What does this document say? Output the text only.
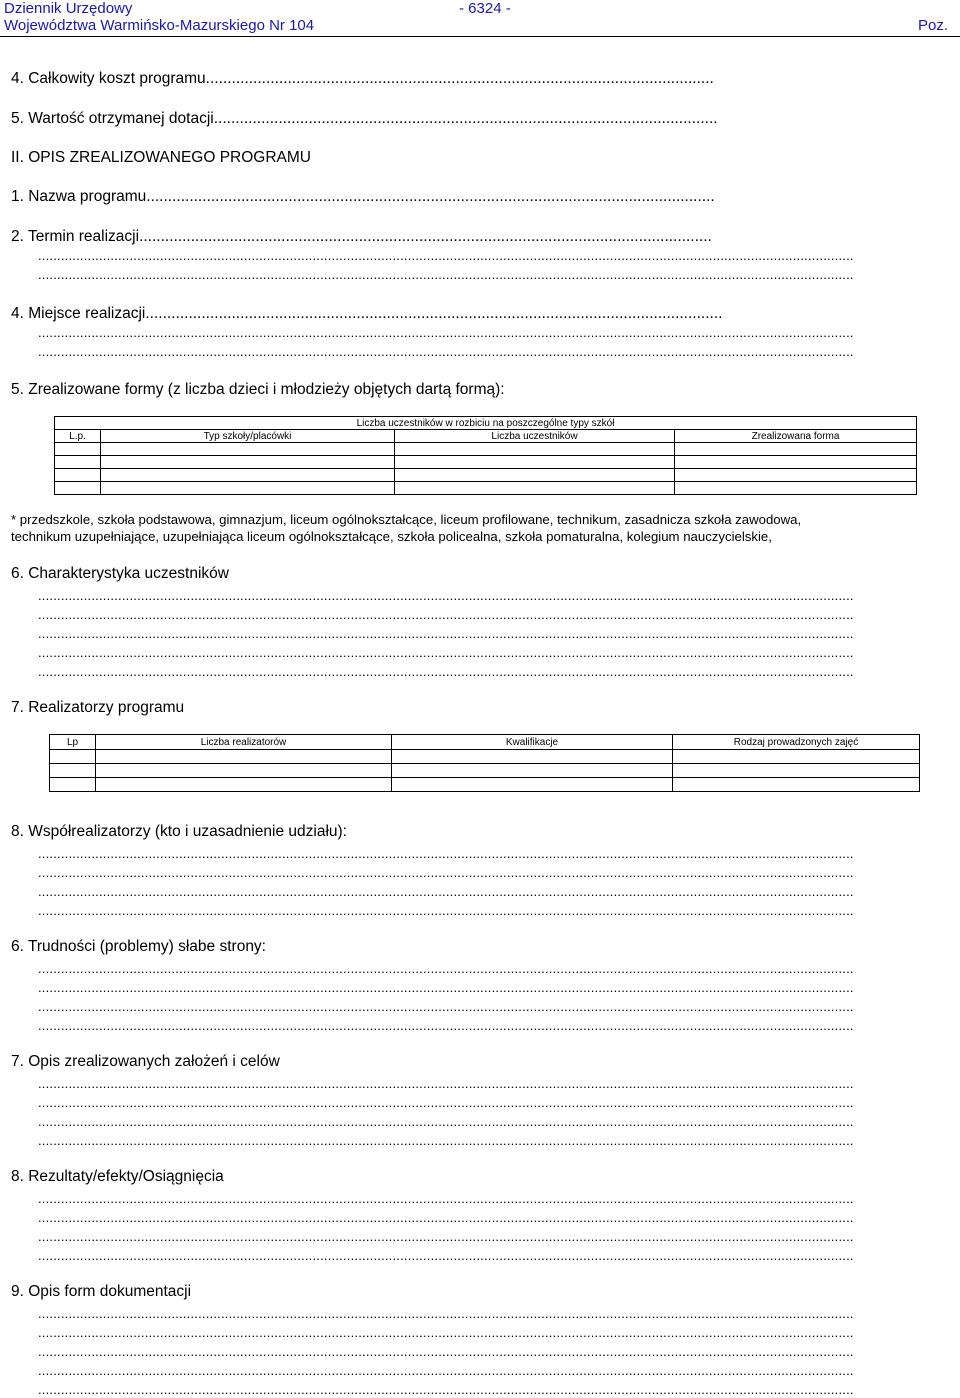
Dziennik Urzędowy
Województwa Warmińsko-Mazurskiego Nr 104
- 6324 -
Poz.
4. Całkowity koszt programu......................................................................................................................
5. Wartość otrzymanej dotacji.....................................................................................................................
II. OPIS ZREALIZOWANEGO PROGRAMU
1. Nazwa programu....................................................................................................................................
2. Termin realizacji.....................................................................................................................................
......................................................................................................................................................................................................................
......................................................................................................................................................................................................................
4. Miejsce realizacji......................................................................................................................................
......................................................................................................................................................................................................................
......................................................................................................................................................................................................................
5. Zrealizowane formy (z liczba dzieci i młodzieży objętych dartą formą):
Liczba uczestników w rozbiciu na poszczególne typy szkół			
L.p.	Typ szkoły/placówki	Liczba uczestników	Zrealizowana forma

* przedszkole, szkoła podstawowa, gimnazjum, liceum ogólnokształcące, liceum profilowane, technikum, zasadnicza szkoła zawodowa,
technikum uzupełniające, uzupełniająca liceum ogólnokształcące, szkoła policealna, szkoła pomaturalna, kolegium nauczycielskie,
6. Charakterystyka uczestników
......................................................................................................................................................................................................................
......................................................................................................................................................................................................................
......................................................................................................................................................................................................................
......................................................................................................................................................................................................................
......................................................................................................................................................................................................................
7. Realizatorzy programu
Lp	Liczba realizatorów	Kwalifikacje	Rodzaj prowadzonych zajęć

8. Współrealizatorzy (kto i uzasadnienie udziału):
......................................................................................................................................................................................................................
......................................................................................................................................................................................................................
......................................................................................................................................................................................................................
......................................................................................................................................................................................................................
6. Trudności (problemy) słabe strony:
......................................................................................................................................................................................................................
......................................................................................................................................................................................................................
......................................................................................................................................................................................................................
......................................................................................................................................................................................................................
7. Opis zrealizowanych założeń i celów
......................................................................................................................................................................................................................
......................................................................................................................................................................................................................
......................................................................................................................................................................................................................
......................................................................................................................................................................................................................
8. Rezultaty/efekty/Osiągnięcia
......................................................................................................................................................................................................................
......................................................................................................................................................................................................................
......................................................................................................................................................................................................................
......................................................................................................................................................................................................................
9. Opis form dokumentacji
......................................................................................................................................................................................................................
......................................................................................................................................................................................................................
......................................................................................................................................................................................................................
......................................................................................................................................................................................................................
......................................................................................................................................................................................................................
